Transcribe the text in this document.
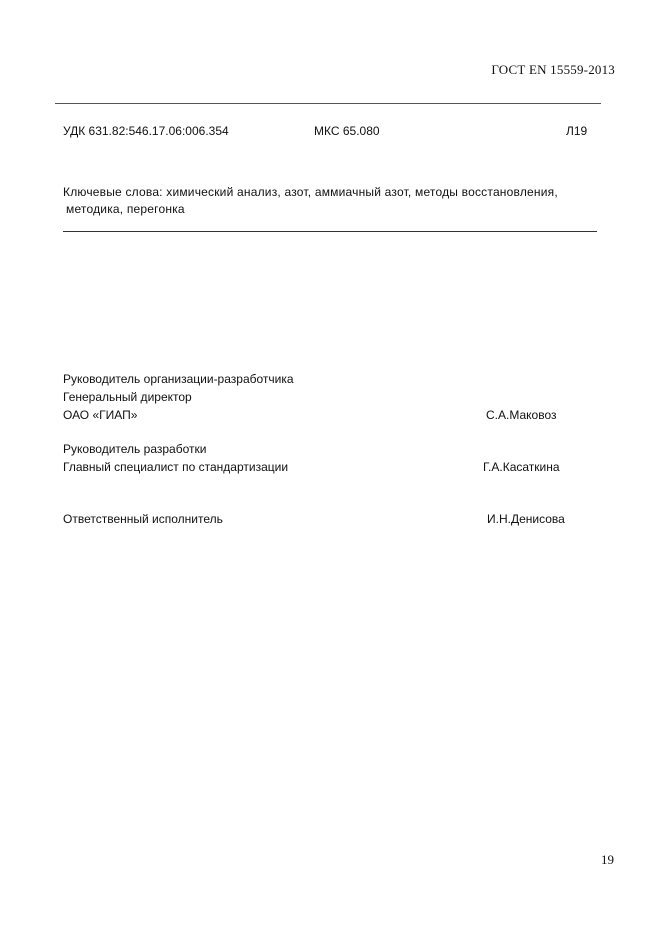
ГОСТ EN 15559-2013
УДК 631.82:546.17.06:006.354	МКС 65.080	Л19
Ключевые слова: химический анализ, азот, аммиачный азот, методы восстановления,
методика, перегонка
Руководитель организации-разработчика
Генеральный директор
ОАО «ГИАП»	С.А.Маковоз
Руководитель разработки
Главный специалист по стандартизации	Г.А.Касаткина
Ответственный исполнитель	И.Н.Денисова
19
